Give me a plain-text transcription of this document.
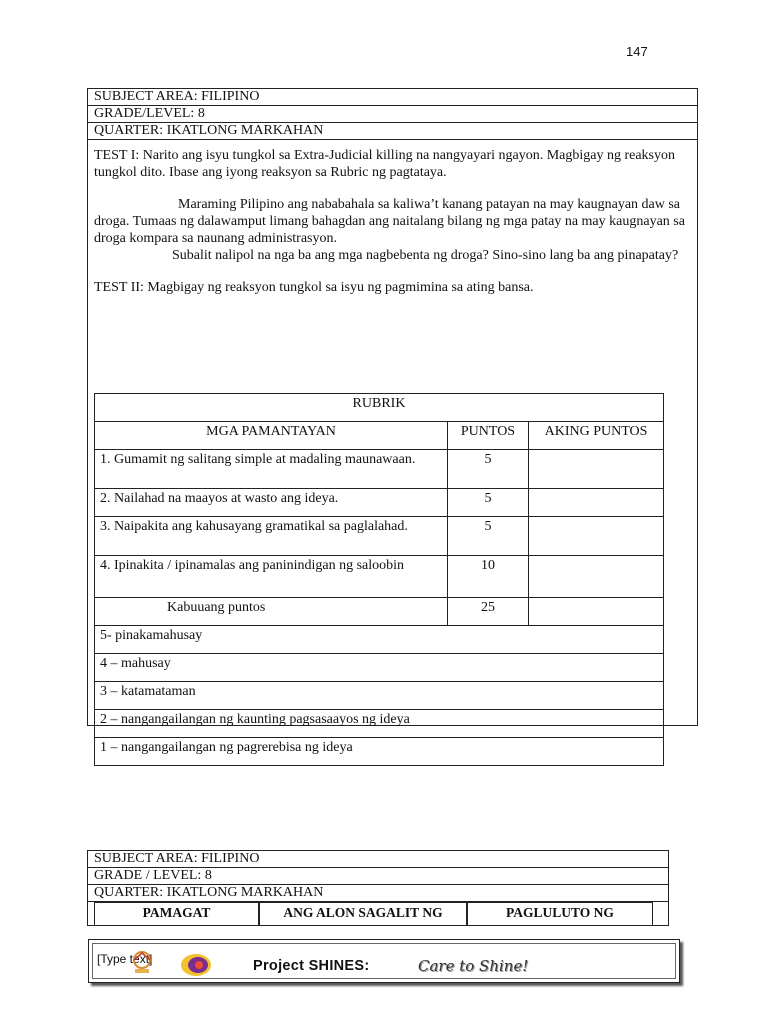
147
SUBJECT AREA: FILIPINO
GRADE/LEVEL: 8
QUARTER: IKATLONG MARKAHAN

TEST I: Narito ang isyu tungkol sa Extra-Judicial killing na nangyayari ngayon. Magbigay ng reaksyon tungkol dito. Ibase ang iyong reaksyon sa Rubric ng pagtataya.

Maraming Pilipino ang nababahala sa kaliwa’t kanang patayan na may kaugnayan daw sa droga. Tumaas ng dalawamput limang bahagdan ang naitalang bilang ng mga patay na may kaugnayan sa droga kompara sa naunang administrasyon.

Subalit nalipol na nga ba ang mga nagbebenta ng droga? Sino-sino lang ba ang pinapatay?

TEST II: Magbigay ng reaksyon tungkol sa isyu ng pagmimina sa ating bansa.

RUBRIK		
MGA PAMANTAYAN	PUNTOS	AKING PUNTOS
1. Gumamit ng salitang simple at madaling maunawaan.	5	
2. Nailahad na maayos at wasto ang ideya.	5	
3. Naipakita ang kahusayang gramatikal sa paglalahad.	5	
4. Ipinakita / ipinamalas ang paninindigan ng saloobin	10	
Kabuuang puntos	25	
5- pinakamahusay		
4 – mahusay		
3 – katamataman		
2 – nangangailangan ng kaunting pagsasaayos ng ideya		
1 – nangangailangan ng pagrerebisa ng ideya		
SUBJECT AREA: FILIPINO
GRADE / LEVEL: 8
QUARTER: IKATLONG MARKAHAN
PAMAGAT	ANG ALON SAGALIT NG	PAGLULUTO NG
[Type text]	Project SHINES:	Care to Shine!
